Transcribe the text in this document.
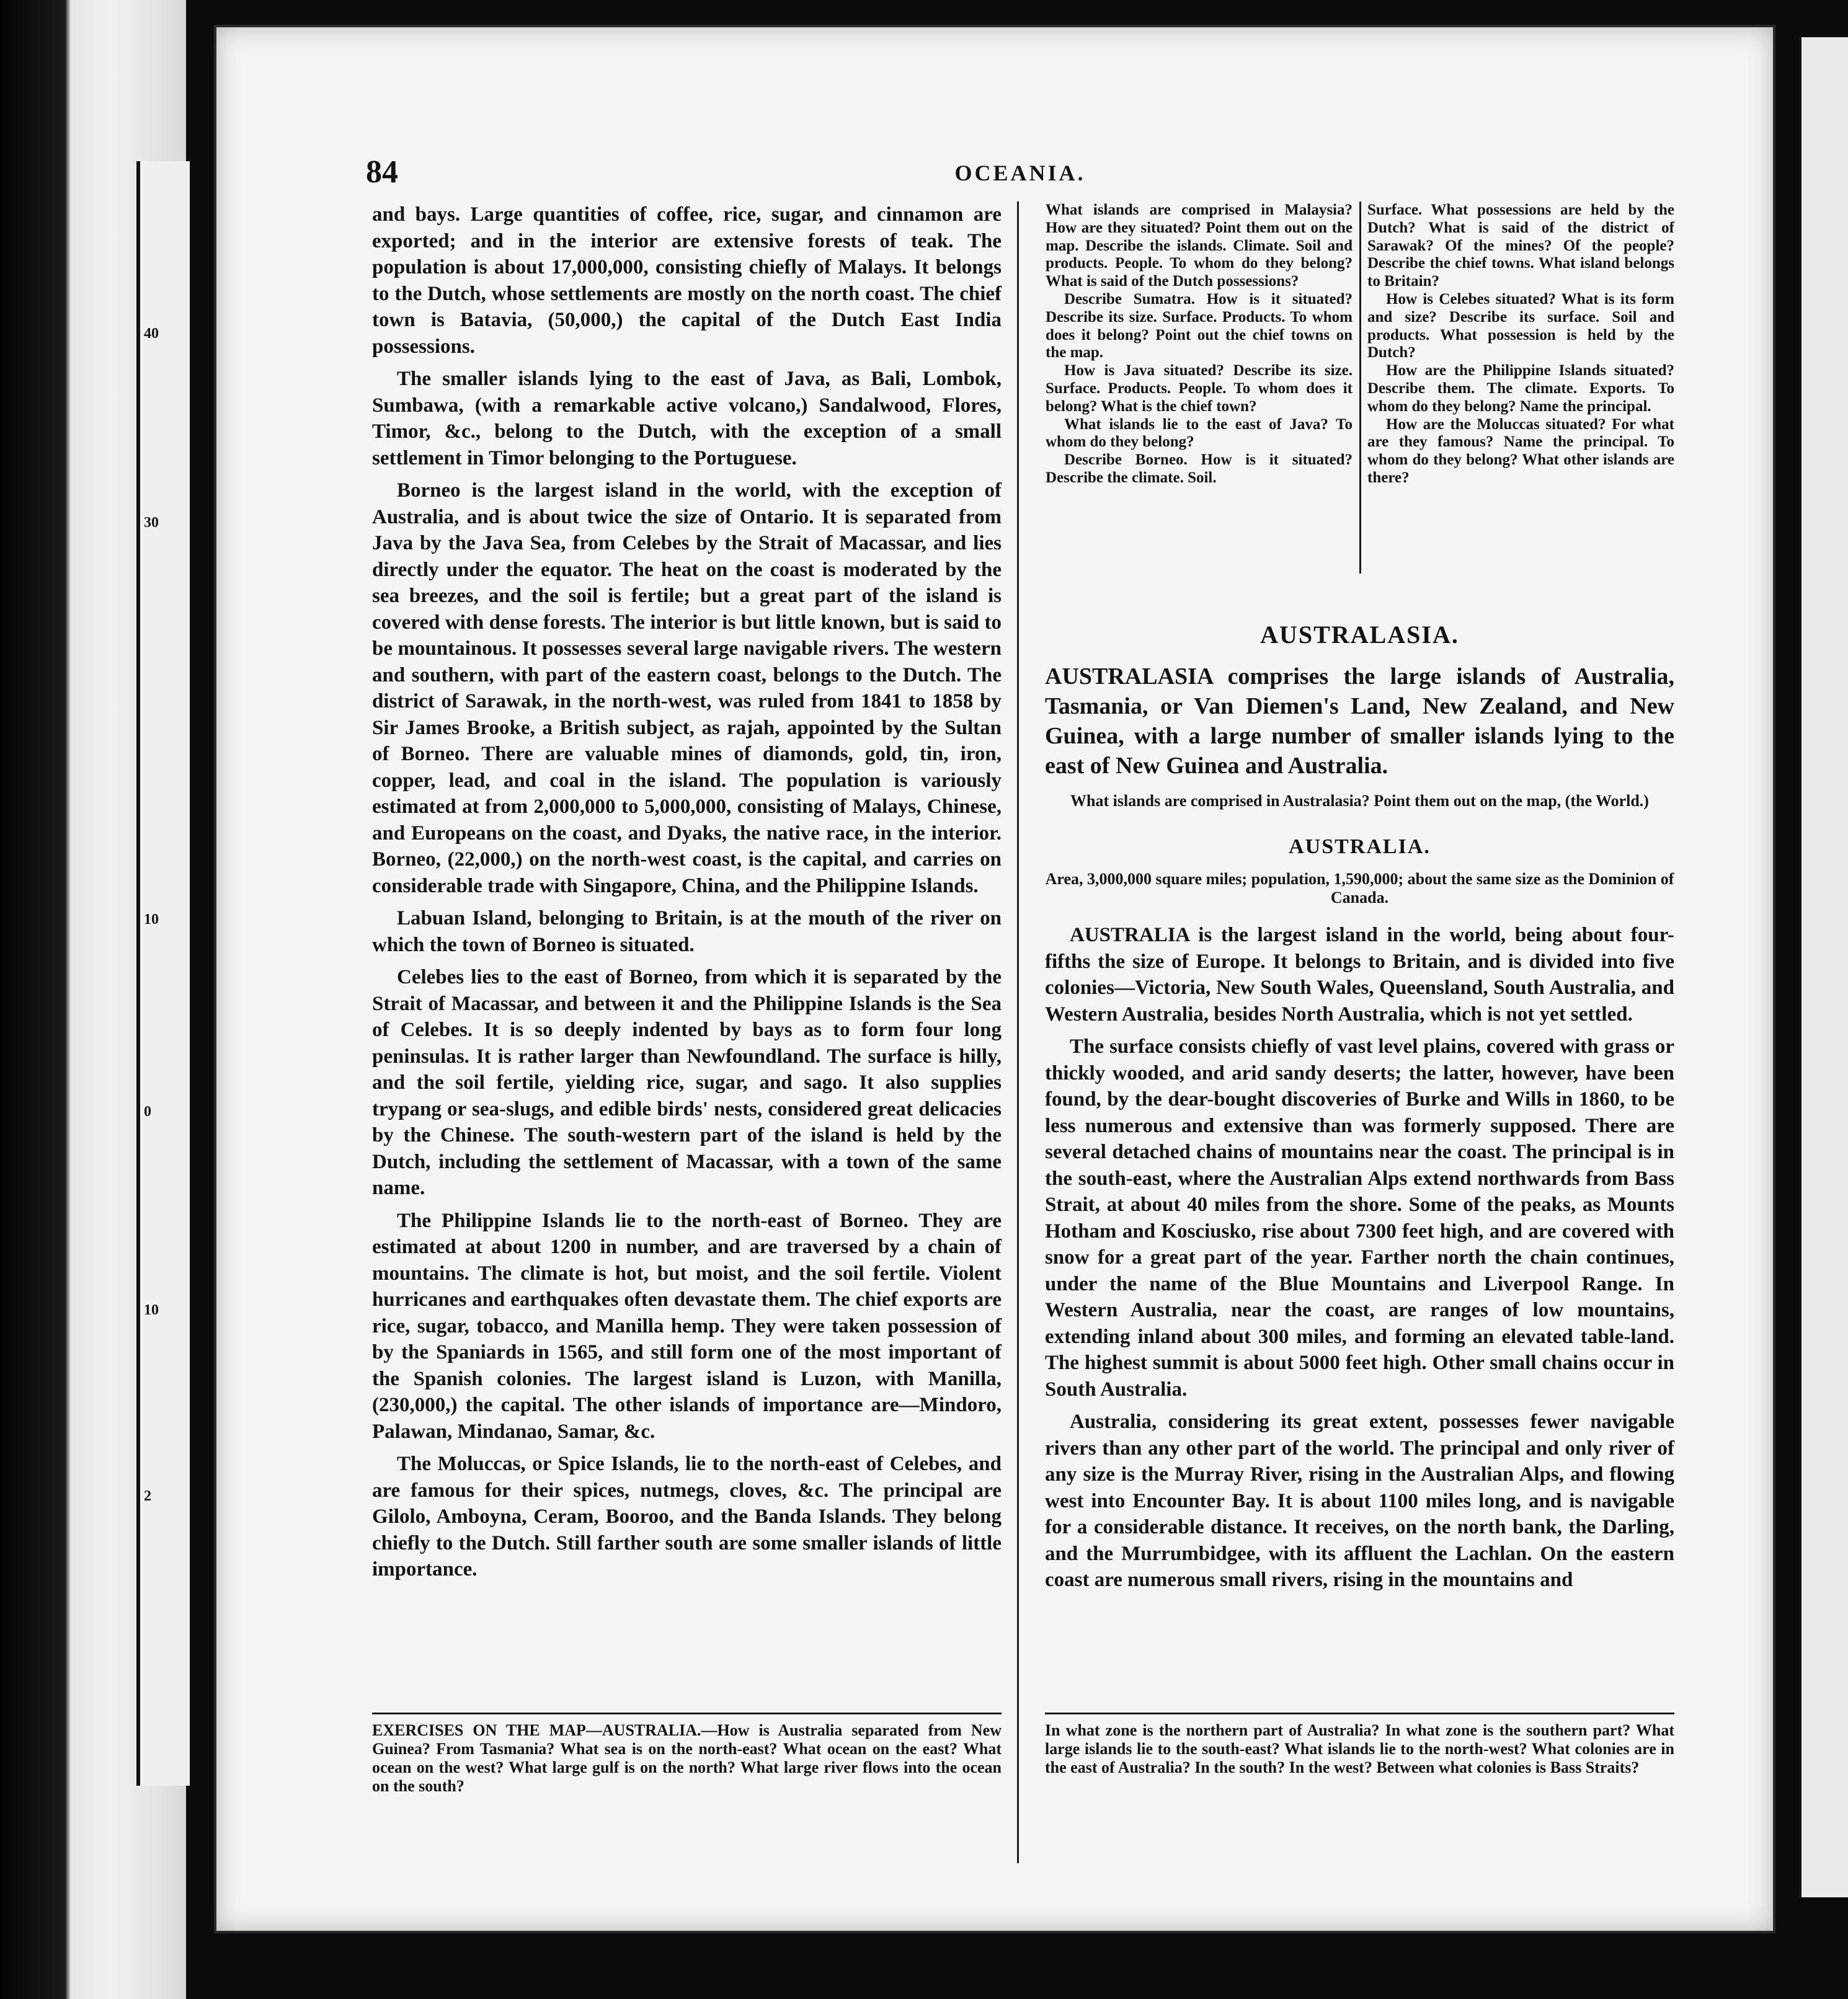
40
30
10
0
10
2
84	OCEANIA.

and bays. Large quantities of coffee, rice, sugar, and cinnamon are exported; and in the interior are extensive forests of teak. The population is about 17,000,000, consisting chiefly of Malays. It belongs to the Dutch, whose settlements are mostly on the north coast. The chief town is Batavia, (50,000,) the capital of the Dutch East India possessions.

The smaller islands lying to the east of Java, as Bali, Lombok, Sumbawa, (with a remarkable active volcano,) Sandalwood, Flores, Timor, &c., belong to the Dutch, with the exception of a small settlement in Timor belonging to the Portuguese.

Borneo is the largest island in the world, with the exception of Australia, and is about twice the size of Ontario. It is separated from Java by the Java Sea, from Celebes by the Strait of Macassar, and lies directly under the equator. The heat on the coast is moderated by the sea breezes, and the soil is fertile; but a great part of the island is covered with dense forests. The interior is but little known, but is said to be mountainous. It possesses several large navigable rivers. The western and southern, with part of the eastern coast, belongs to the Dutch. The district of Sarawak, in the north-west, was ruled from 1841 to 1858 by Sir James Brooke, a British subject, as rajah, appointed by the Sultan of Borneo. There are valuable mines of diamonds, gold, tin, iron, copper, lead, and coal in the island. The population is variously estimated at from 2,000,000 to 5,000,000, consisting of Malays, Chinese, and Europeans on the coast, and Dyaks, the native race, in the interior. Borneo, (22,000,) on the north-west coast, is the capital, and carries on considerable trade with Singapore, China, and the Philippine Islands.

Labuan Island, belonging to Britain, is at the mouth of the river on which the town of Borneo is situated.

Celebes lies to the east of Borneo, from which it is separated by the Strait of Macassar, and between it and the Philippine Islands is the Sea of Celebes. It is so deeply indented by bays as to form four long peninsulas. It is rather larger than Newfoundland. The surface is hilly, and the soil fertile, yielding rice, sugar, and sago. It also supplies trypang or sea-slugs, and edible birds' nests, considered great delicacies by the Chinese. The south-western part of the island is held by the Dutch, including the settlement of Macassar, with a town of the same name.

The Philippine Islands lie to the north-east of Borneo. They are estimated at about 1200 in number, and are traversed by a chain of mountains. The climate is hot, but moist, and the soil fertile. Violent hurricanes and earthquakes often devastate them. The chief exports are rice, sugar, tobacco, and Manilla hemp. They were taken possession of by the Spaniards in 1565, and still form one of the most important of the Spanish colonies. The largest island is Luzon, with Manilla, (230,000,) the capital. The other islands of importance are—Mindoro, Palawan, Mindanao, Samar, &c.

The Moluccas, or Spice Islands, lie to the north-east of Celebes, and are famous for their spices, nutmegs, cloves, &c. The principal are Gilolo, Amboyna, Ceram, Booroo, and the Banda Islands. They belong chiefly to the Dutch. Still farther south are some smaller islands of little importance.

What islands are comprised in Malaysia? How are they situated? Point them out on the map. Describe the islands. Climate. Soil and products. People. To whom do they belong? What is said of the Dutch possessions?

Describe Sumatra. How is it situated? Describe its size. Surface. Products. To whom does it belong? Point out the chief towns on the map.

How is Java situated? Describe its size. Surface. Products. People. To whom does it belong? What is the chief town?

What islands lie to the east of Java? To whom do they belong?

Describe Borneo. How is it situated? Describe the climate. Soil.

Surface. What possessions are held by the Dutch? What is said of the district of Sarawak? Of the mines? Of the people? Describe the chief towns. What island belongs to Britain?

How is Celebes situated? What is its form and size? Describe its surface. Soil and products. What possession is held by the Dutch?

How are the Philippine Islands situated? Describe them. The climate. Exports. To whom do they belong? Name the principal.

How are the Moluccas situated? For what are they famous? Name the principal. To whom do they belong? What other islands are there?

AUSTRALASIA.
AUSTRALASIA comprises the large islands of Australia, Tasmania, or Van Diemen's Land, New Zealand, and New Guinea, with a large number of smaller islands lying to the east of New Guinea and Australia.
What islands are comprised in Australasia? Point them out on the map, (the World.)
AUSTRALIA.
Area, 3,000,000 square miles; population, 1,590,000; about the same size as the Dominion of Canada.

AUSTRALIA is the largest island in the world, being about four-fifths the size of Europe. It belongs to Britain, and is divided into five colonies—Victoria, New South Wales, Queensland, South Australia, and Western Australia, besides North Australia, which is not yet settled.

The surface consists chiefly of vast level plains, covered with grass or thickly wooded, and arid sandy deserts; the latter, however, have been found, by the dear-bought discoveries of Burke and Wills in 1860, to be less numerous and extensive than was formerly supposed. There are several detached chains of mountains near the coast. The principal is in the south-east, where the Australian Alps extend northwards from Bass Strait, at about 40 miles from the shore. Some of the peaks, as Mounts Hotham and Kosciusko, rise about 7300 feet high, and are covered with snow for a great part of the year. Farther north the chain continues, under the name of the Blue Mountains and Liverpool Range. In Western Australia, near the coast, are ranges of low mountains, extending inland about 300 miles, and forming an elevated table-land. The highest summit is about 5000 feet high. Other small chains occur in South Australia.

Australia, considering its great extent, possesses fewer navigable rivers than any other part of the world. The principal and only river of any size is the Murray River, rising in the Australian Alps, and flowing west into Encounter Bay. It is about 1100 miles long, and is navigable for a considerable distance. It receives, on the north bank, the Darling, and the Murrumbidgee, with its affluent the Lachlan. On the eastern coast are numerous small rivers, rising in the mountains and

EXERCISES ON THE MAP—AUSTRALIA.—How is Australia separated from New Guinea? From Tasmania? What sea is on the north-east? What ocean on the east? What ocean on the west? What large gulf is on the north? What large river flows into the ocean on the south?
In what zone is the northern part of Australia? In what zone is the southern part? What large islands lie to the south-east? What islands lie to the north-west? What colonies are in the east of Australia? In the south? In the west? Between what colonies is Bass Straits?
